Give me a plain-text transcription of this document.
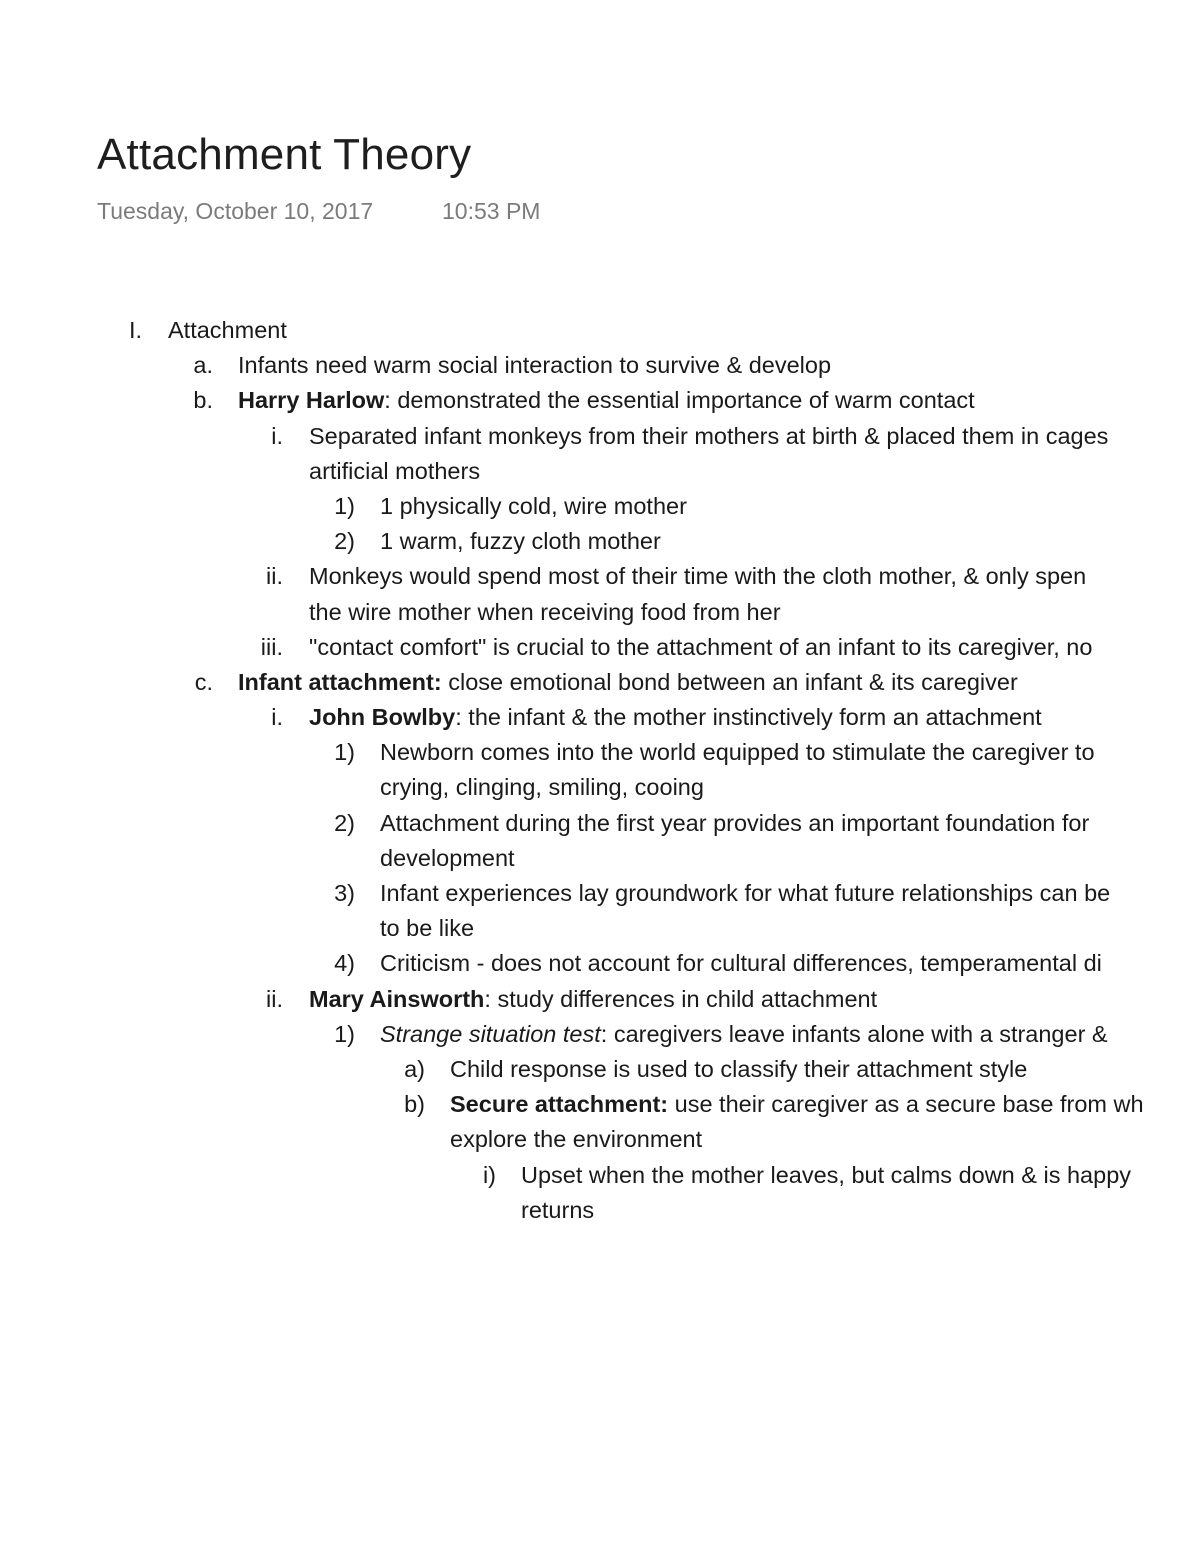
Attachment Theory
Tuesday, October 10, 2017	10:53 PM
I. Attachment
a. Infants need warm social interaction to survive & develop
b. Harry Harlow: demonstrated the essential importance of warm contact
i. Separated infant monkeys from their mothers at birth & placed them in cages
artificial mothers
1) 1 physically cold, wire mother
2) 1 warm, fuzzy cloth mother
ii. Monkeys would spend most of their time with the cloth mother, & only spen
the wire mother when receiving food from her
iii. "contact comfort" is crucial to the attachment of an infant to its caregiver, no
c. Infant attachment: close emotional bond between an infant & its caregiver
i. John Bowlby: the infant & the mother instinctively form an attachment
1) Newborn comes into the world equipped to stimulate the caregiver to
crying, clinging, smiling, cooing
2) Attachment during the first year provides an important foundation for
development
3) Infant experiences lay groundwork for what future relationships can be
to be like
4) Criticism - does not account for cultural differences, temperamental di
ii. Mary Ainsworth: study differences in child attachment
1) Strange situation test: caregivers leave infants alone with a stranger &
a) Child response is used to classify their attachment style
b) Secure attachment: use their caregiver as a secure base from wh
explore the environment
i) Upset when the mother leaves, but calms down & is happy
returns
